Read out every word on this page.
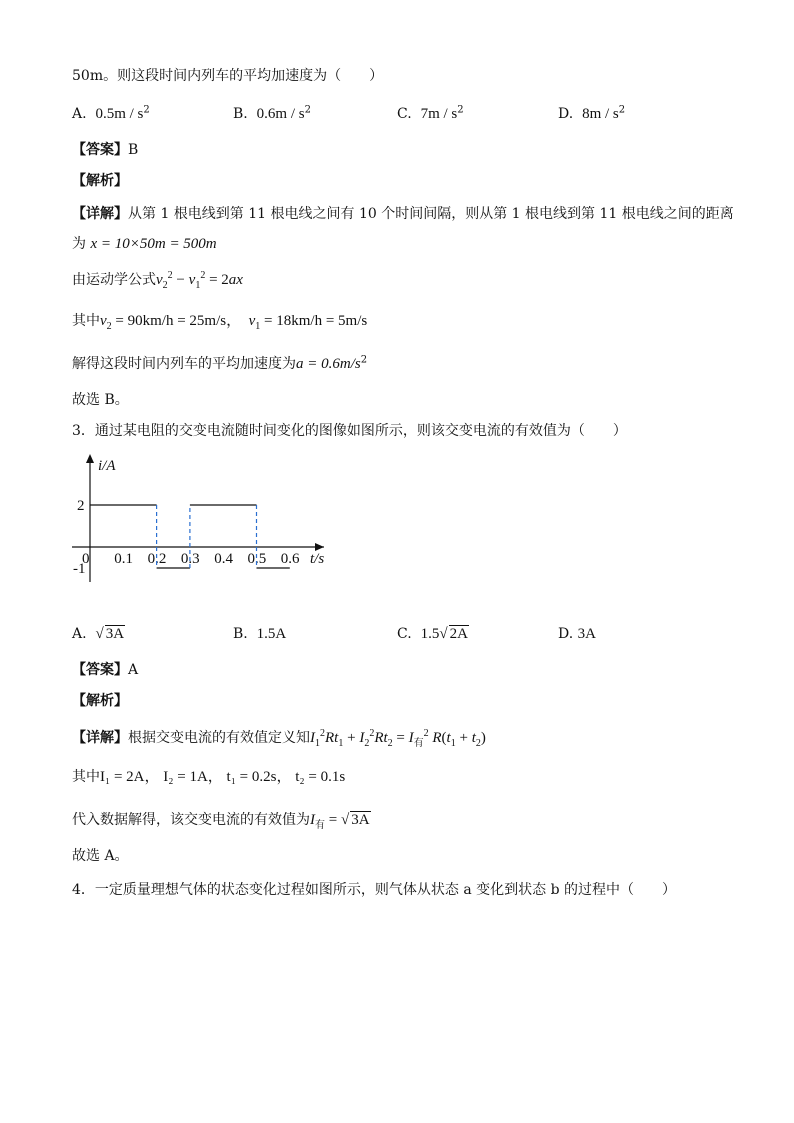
50m。则这段时间内列车的平均加速度为（　　）
A. $0.5m / s^2$	B. $0.6m / s^2$	C. $7m / s^2$	D. $8m / s^2$
【答案】B
【解析】
【详解】从第 1 根电线到第 11 根电线之间有 10 个时间间隔，则从第 1 根电线到第 11 根电线之间的距离
为 x = 10×50m = 500m
由运动学公式$v_2^2 - v_1^2 = 2ax$
其中$v_2 = 90km/h = 25m/s$， $v_1 = 18km/h = 5m/s$
解得这段时间内列车的平均加速度为$a = 0.6m/s^2$
故选 B。
3．通过某电阻的交变电流随时间变化的图像如图所示，则该交变电流的有效值为（　　）
i/A
t/s
0 0.1 0.2 0.3 0.4 0.5 0.6
2
-1
A. √ 3A	B. 1.5A	C. 1.5√ 2A	D. 3A
【答案】A
【解析】
【详解】根据交变电流的有效值定义知$I_1^2Rt_1 + I_2^2Rt_2 = I_有^2$ $R(t_1 + t_2)$
其中I₁ = 2A， I₂ = 1A， t₁ = 0.2s， t₂ = 0.1s
代入数据解得，该交变电流的有效值为$I_有$ = √ 3A
故选 A。
4．一定质量理想气体的状态变化过程如图所示，则气体从状态 a 变化到状态 b 的过程中（　　）
